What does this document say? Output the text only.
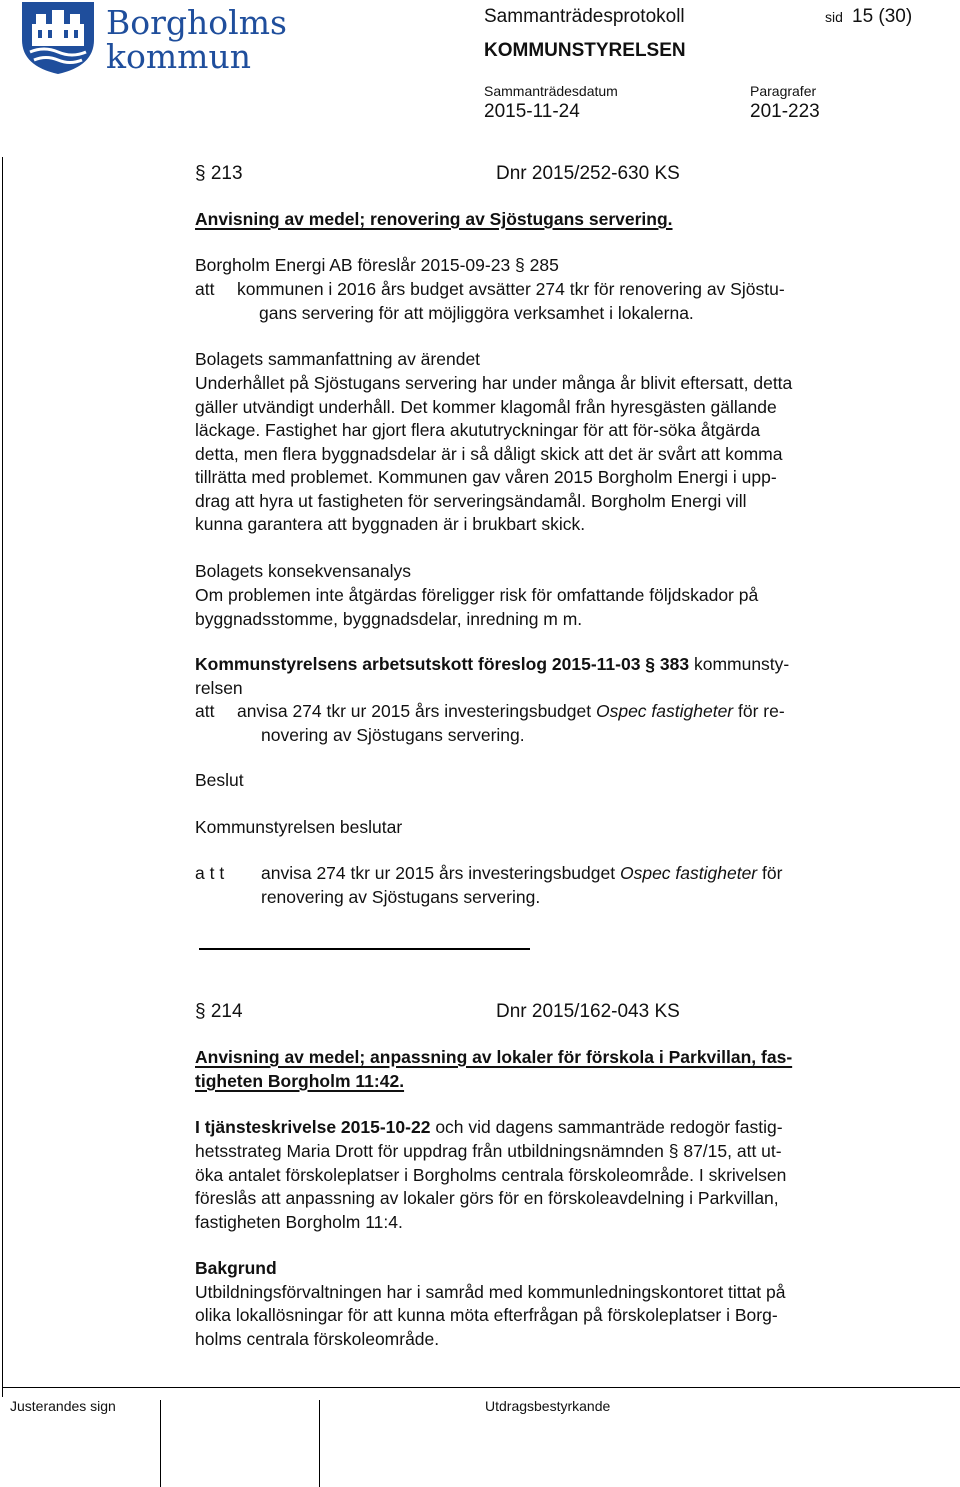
Borgholms
kommun
Sammanträdesprotokoll	sid 15 (30)
KOMMUNSTYRELSEN
Sammanträdesdatum
2015-11-24
Paragrafer
201-223
§ 213	Dnr 2015/252-630 KS
Anvisning av medel; renovering av Sjöstugans servering.
Borgholm Energi AB föreslår 2015-09-23 § 285
att kommunen i 2016 års budget avsätter 274 tkr för renovering av Sjöstu-
gans servering för att möjliggöra verksamhet i lokalerna.
Bolagets sammanfattning av ärendet
Underhållet på Sjöstugans servering har under många år blivit eftersatt, detta
gäller utvändigt underhåll. Det kommer klagomål från hyresgästen gällande
läckage. Fastighet har gjort flera akututryckningar för att för-söka åtgärda
detta, men flera byggnadsdelar är i så dåligt skick att det är svårt att komma
tillrätta med problemet. Kommunen gav våren 2015 Borgholm Energi i upp-
drag att hyra ut fastigheten för serveringsändamål. Borgholm Energi vill
kunna garantera att byggnaden är i brukbart skick.
Bolagets konsekvensanalys
Om problemen inte åtgärdas föreligger risk för omfattande följdskador på
byggnadsstomme, byggnadsdelar, inredning m m.
Kommunstyrelsens arbetsutskott föreslog 2015-11-03 § 383 kommunsty-
relsen
att anvisa 274 tkr ur 2015 års investeringsbudget Ospec fastigheter för re-
novering av Sjöstugans servering.
Beslut
Kommunstyrelsen beslutar
a t t anvisa 274 tkr ur 2015 års investeringsbudget Ospec fastigheter för
renovering av Sjöstugans servering.
§ 214	Dnr 2015/162-043 KS
Anvisning av medel; anpassning av lokaler för förskola i Parkvillan, fas-
tigheten Borgholm 11:42.
I tjänsteskrivelse 2015-10-22 och vid dagens sammanträde redogör fastig-
hetsstrateg Maria Drott för uppdrag från utbildningsnämnden § 87/15, att ut-
öka antalet förskoleplatser i Borgholms centrala förskoleområde. I skrivelsen
föreslås att anpassning av lokaler görs för en förskoleavdelning i Parkvillan,
fastigheten Borgholm 11:4.
Bakgrund
Utbildningsförvaltningen har i samråd med kommunledningskontoret tittat på
olika lokallösningar för att kunna möta efterfrågan på förskoleplatser i Borg-
holms centrala förskoleområde.
Justerandes sign	Utdragsbestyrkande
